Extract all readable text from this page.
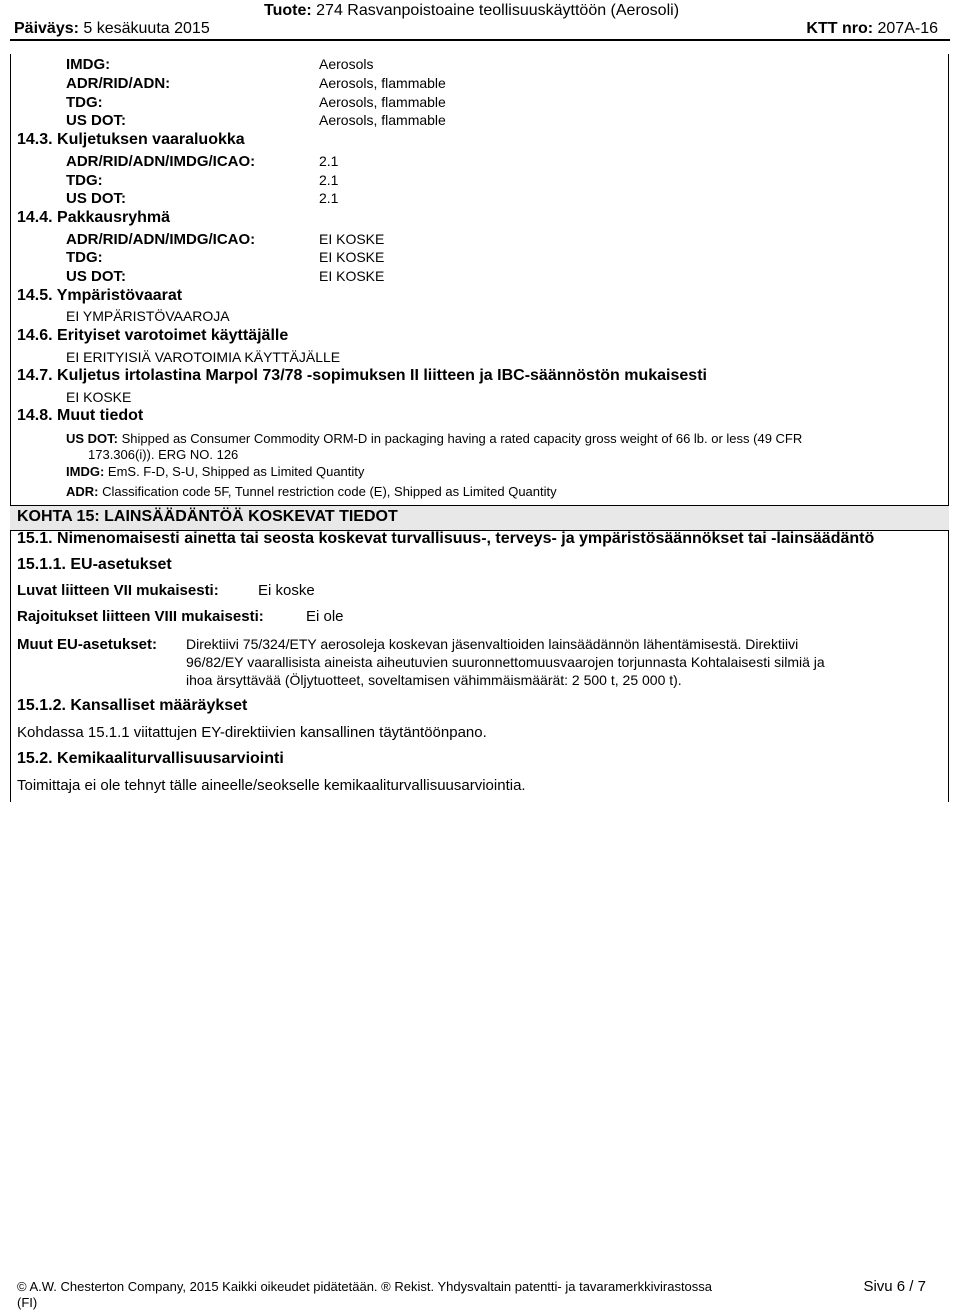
Tuote: 274 Rasvanpoistoaine teollisuuskäyttöön (Aerosoli)
Päiväys: 5 kesäkuuta 2015	KTT nro: 207A-16
IMDG:	Aerosols
ADR/RID/ADN:	Aerosols, flammable
TDG:	Aerosols, flammable
US DOT:	Aerosols, flammable
14.3. Kuljetuksen vaaraluokka
ADR/RID/ADN/IMDG/ICAO:	2.1
TDG:	2.1
US DOT:	2.1
14.4. Pakkausryhmä
ADR/RID/ADN/IMDG/ICAO:	EI KOSKE
TDG:	EI KOSKE
US DOT:	EI KOSKE
14.5. Ympäristövaarat
EI YMPÄRISTÖVAAROJA
14.6. Erityiset varotoimet käyttäjälle
EI ERITYISIÄ VAROTOIMIA KÄYTTÄJÄLLE
14.7. Kuljetus irtolastina Marpol 73/78 -sopimuksen II liitteen ja IBC-säännöstön mukaisesti
EI KOSKE
14.8. Muut tiedot
US DOT: Shipped as Consumer Commodity ORM-D in packaging having a rated capacity gross weight of 66 lb. or less (49 CFR
173.306(i)). ERG NO. 126
IMDG: EmS. F-D, S-U, Shipped as Limited Quantity
ADR: Classification code 5F, Tunnel restriction code (E), Shipped as Limited Quantity
KOHTA 15: LAINSÄÄDÄNTÖÄ KOSKEVAT TIEDOT
15.1. Nimenomaisesti ainetta tai seosta koskevat turvallisuus-, terveys- ja ympäristösäännökset tai -lainsäädäntö
15.1.1. EU-asetukset
Luvat liitteen VII mukaisesti:	Ei koske
Rajoitukset liitteen VIII mukaisesti:	Ei ole
Muut EU-asetukset: Direktiivi 75/324/ETY aerosoleja koskevan jäsenvaltioiden lainsäädännön lähentämisestä. Direktiivi
96/82/EY vaarallisista aineista aiheutuvien suuronnettomuusvaarojen torjunnasta Kohtalaisesti silmiä ja
ihoa ärsyttävää (Öljytuotteet, soveltamisen vähimmäismäärät: 2 500 t, 25 000 t).
15.1.2. Kansalliset määräykset
Kohdassa 15.1.1 viitattujen EY-direktiivien kansallinen täytäntöönpano.
15.2. Kemikaaliturvallisuusarviointi
Toimittaja ei ole tehnyt tälle aineelle/seokselle kemikaaliturvallisuusarviointia.
© A.W. Chesterton Company, 2015 Kaikki oikeudet pidätetään. ® Rekist. Yhdysvaltain patentti- ja tavaramerkkivirastossa
(FI)
Sivu 6 / 7
